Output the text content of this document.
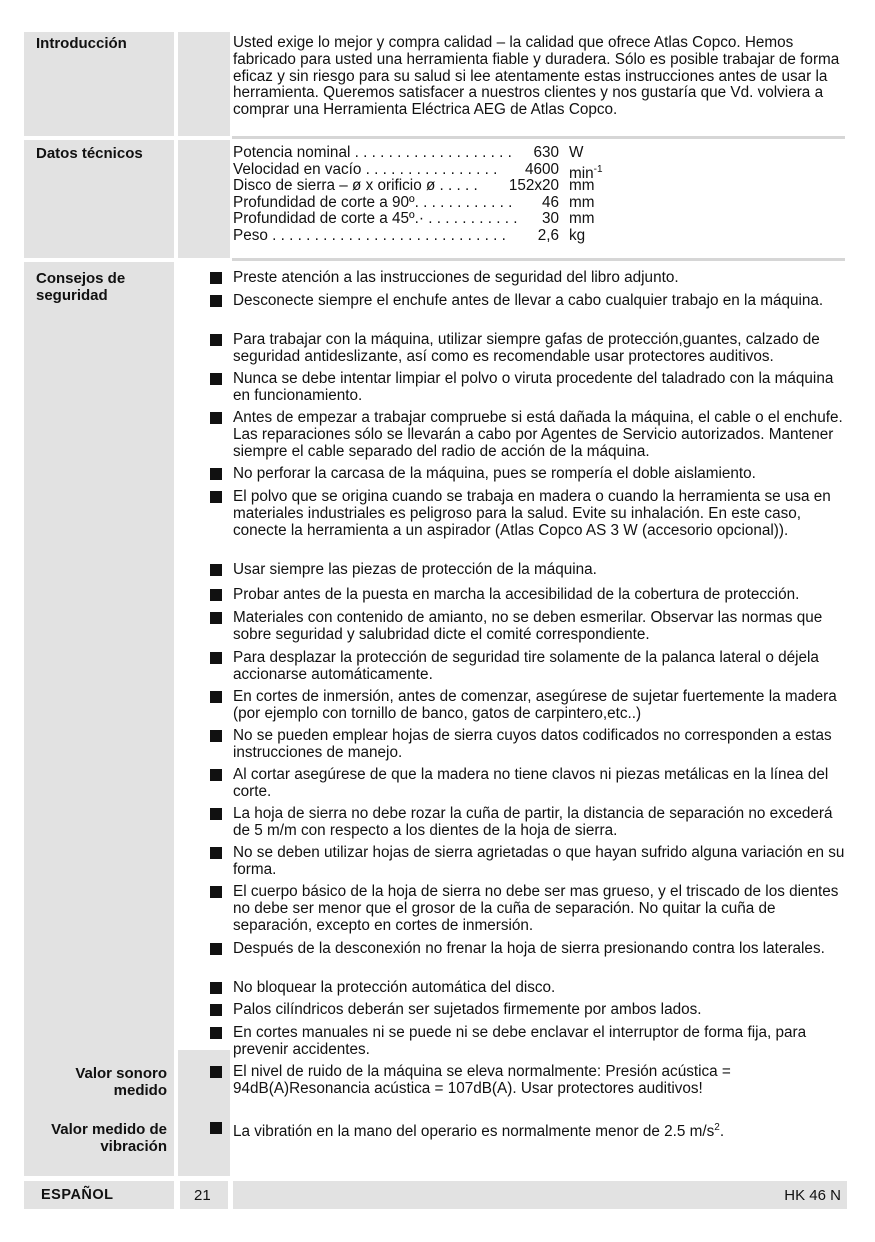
Introducción
Datos técnicos
Consejos de
seguridad
Valor sonoro
medido
Valor medido de
vibración
Usted exige lo mejor y compra calidad – la calidad que ofrece Atlas Copco. Hemos fabricado para usted una herramienta fiable y duradera. Sólo es posible trabajar de forma eficaz y sin riesgo para su salud si lee atentamente estas instrucciones antes de usar la herramienta. Queremos satisfacer a nuestros clientes y nos gustaría que Vd. volviera a comprar una Herramienta Eléctrica AEG de Atlas Copco.
Potencia nominal . . . . . . . . . . . . . . . . . . .	630 W
Velocidad en vacío . . . . . . . . . . . . . . . .	4600 $\min^{-1}$
Disco de sierra – ø x orificio ø . . . . .	152x20 mm
Profundidad de corte a 90º. . . . . . . . . . . .	46 mm
Profundidad de corte a 45º.· . . . . . . . . . . .	30 mm
Peso . . . . . . . . . . . . . . . . . . . . . . . . . . . .	2,6 kg
Preste atención a las instrucciones de seguridad del libro adjunto.
Desconecte siempre el enchufe antes de llevar a cabo cualquier trabajo en la máquina.
Para trabajar con la máquina, utilizar siempre gafas de protección,guantes, calzado de seguridad antideslizante, así como es recomendable usar protectores auditivos.
Nunca se debe intentar limpiar el polvo o viruta procedente del taladrado con la máquina en funcionamiento.
Antes de empezar a trabajar compruebe si está dañada la máquina, el cable o el enchufe. Las reparaciones sólo se llevarán a cabo por Agentes de Servicio autorizados. Mantener siempre el cable separado del radio de acción de la máquina.
No perforar la carcasa de la máquina, pues se rompería el doble aislamiento.
El polvo que se origina cuando se trabaja en madera o cuando la herramienta se usa en materiales industriales es peligroso para la salud. Evite su inhalación. En este caso, conecte la herramienta a un aspirador (Atlas Copco AS 3 W (accesorio opcional)).
Usar siempre las piezas de protección de la máquina.
Probar antes de la puesta en marcha la accesibilidad de la cobertura de protección.
Materiales con contenido de amianto, no se deben esmerilar. Observar las normas que sobre seguridad y salubridad dicte el comité correspondiente.
Para desplazar la protección de seguridad tire solamente de la palanca lateral o déjela accionarse automáticamente.
En cortes de inmersión, antes de comenzar, asegúrese de sujetar fuertemente la madera (por ejemplo con tornillo de banco, gatos de carpintero,etc..)
No se pueden emplear hojas de sierra cuyos datos codificados no corresponden a estas instrucciones de manejo.
Al cortar asegúrese de que la madera no tiene clavos ni piezas metálicas en la línea del corte.
La hoja de sierra no debe rozar la cuña de partir, la distancia de separación no excederá de 5 m/m con respecto a los dientes de la hoja de sierra.
No se deben utilizar hojas de sierra agrietadas o que hayan sufrido alguna variación en su forma.
El cuerpo básico de la hoja de sierra no debe ser mas grueso, y el triscado de los dientes no debe ser menor que el grosor de la cuña de separación. No quitar la cuña de separación, excepto en cortes de inmersión.
Después de la desconexión no frenar la hoja de sierra presionando contra los laterales.
No bloquear la protección automática del disco.
Palos cilíndricos deberán ser sujetados firmemente por ambos lados.
En cortes manuales ni se puede ni se debe enclavar el interruptor de forma fija, para prevenir accidentes.
El nivel de ruido de la máquina se eleva normalmente: Presión acústica = 94dB(A)Resonancia acústica = 107dB(A). Usar protectores auditivos!
La vibratión en la mano del operario es normalmente menor de 2.5 $m/s^2$.
ESPAÑOL	21	HK 46 N
